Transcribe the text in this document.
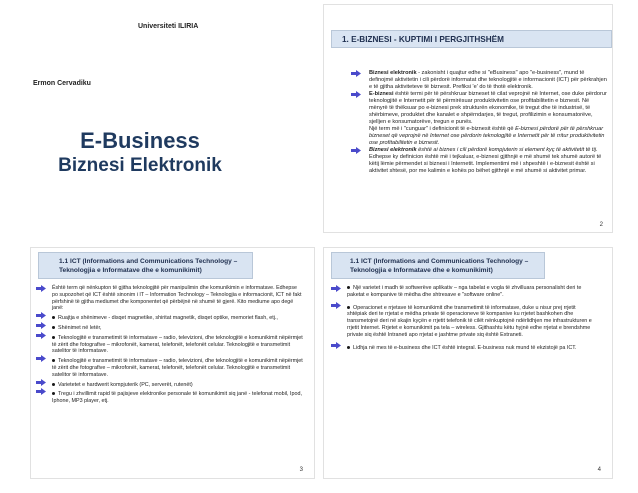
Universiteti ILIRIA
Ermon Cervadiku
E-Business
Biznesi Elektronik
1. E-BIZNESI - KUPTIMI I PERGJITHSHËM
Biznesi elektronik - zakonisht i quajtur edhe si "eBusiness" apo "e-business", mund të definojmë aktivitetin i cili përdorë informatat dhe teknologjitë e informacionit (ICT) për përkrahjen e të gjitha aktiviteteve të biznesit. Prefiksi 'e' do të thotë elektronik.
E-biznesi është termi për të përshkruar bizneset të cilat veprojnë në Internet, ose duke përdorur teknologjitë e Internetit për të përmirësuar produktivitetin ose profitabilitetin e biznesit. Në mënyrë të thëksuar po e-biznesi prek strukturën ekonomike, të tregut dhe të industrisë, të shërbimeve, produktet dhe kanalet e shpërndarjes, të tregut, profilizimin e konsumatorëve, sjelljen e konsumatorëve, tregun e punës.
Një term më i "cunguar" i definicionit të e-biznesit është që E-biznesi përdorë për të përshkruar bizneset që veprojnë në Internet ose përdorin teknologjitë e Internetit për të rritur produktivitetin ose profitabilitetin e biznesit.
Biznesi elektronik është ai biznes i cili përdorë kompjuterin si element kyç të aktivitetit të tij. Edhepse ky definicion është më i tejkaluar, e-biznesi gjithnjë e më shumë tek shumë autorë të këtij lëmie përmendet si biznesi i Internetit. Implementimi më i shpeshtë i e-biznesit është si aktivitet shtesë, por me kalimin e kohës po bëhet gjithnjë e më shumë si aktivitet primar.
2
1.1 ICT (Informations and Communications Technology – Teknologjia e Informatave dhe e komunikimit)
Është term që nënkupton të gjitha teknologjitë për manipulimin dhe komunikimin e informatave. Edhepse po supozohet që ICT është sinonim i IT – Information Technology – Teknologjia e informacionit, ICT në fakt përfshinë të gjitha mediumet dhe komponentet që përbëjnë në shumë të gjerë. Kito mediume apo degë janë:
Ruajtja e shënimeve - disqet magnetike, shiritat magnetik, disqet optike, memoriet flash, etj.,
Shënimet në letër,
Teknologjitë e transmetimit të informatave – radio, televizioni, dhe teknologjitë e komunikimit nëpërmjet të zërit dhe fotografive – mikrofonët, kamerat, telefonët, telefonët celular. Teknologjitë e transmetimit satelitor të informatave.
Teknologjitë e transmetimit të informatave – radio, televizioni, dhe teknologjitë e komunikimit nëpërmjet të zërit dhe fotografive – mikrofonët, kamerat, telefonët, telefonët celular. Teknologjitë e transmetimit satelitor të informatave.
Varietetet e hardwerit kompjuterik (PC, serverët, rutenët)
Tregu i zhvillimit rapid të pajisjeve elektronike personale të komunikimit siq janë - telefonat mobil, Ipod, Iphone, MP3 player, etj.
3
1.1 ICT (Informations and Communications Technology – Teknologjia e Informatave dhe e komunikimit)
Një varietet i madh të softwerëve aplikativ – nga tabelat e vogla të zhvilluara personalisht deri te paketat e kompanive të mëdha dhe shtresave e "software online".
Operacionet e rrjetave të komunikimit dhe transmetimit të informatave, duke u nisur prej rrjetit shtëpiak deri te rrjetat e mëdha private të operacioneve të kompanive ku rrjetet bashkohen dhe transmetojnë deri në skajin kyçën e rrjetit telefonik të cilët nënkuptojnë ndërlidhjen me infrastrukturen e rrjetit Internet. Rrjetet e komunikimit pa tela – wireless. Gjithashtu këtu hyjnë edhe rrjetat e brendshme private siq është Intraneti apo rrjetat e jashtme private siq është Extraneti.
Lidhja në mes të e-business dhe ICT është integral. E-business nuk mund të ekzistojë pa ICT.
4
